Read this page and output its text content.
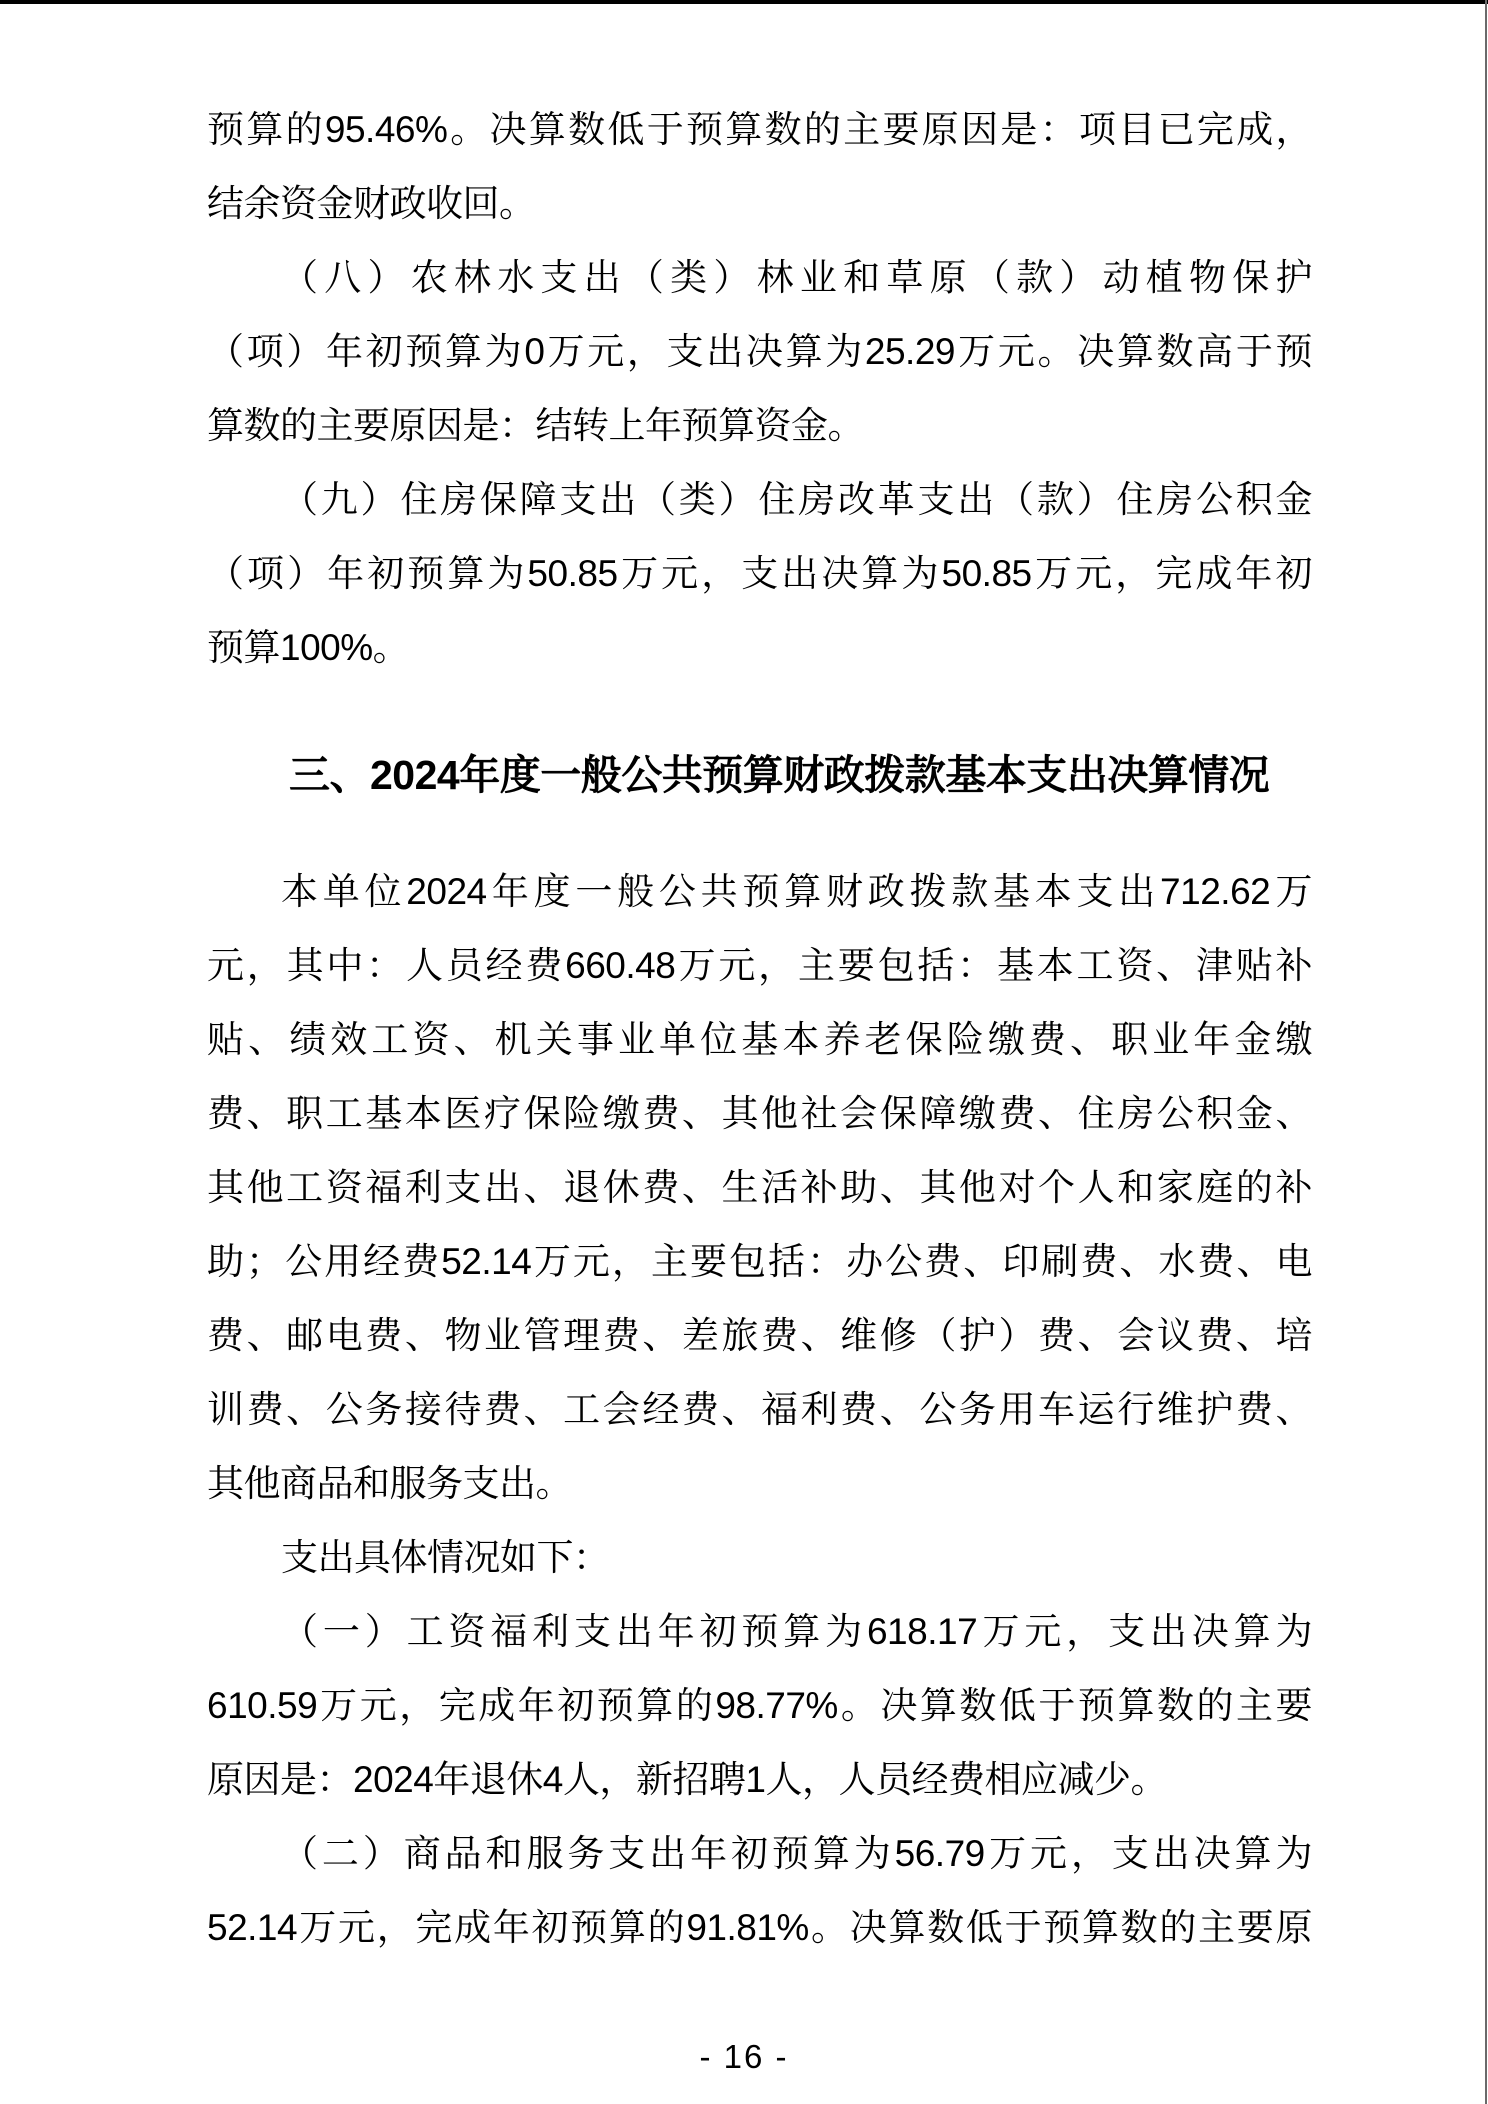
预算的95.46%。决算数低于预算数的主要原因是：项目已完成，
结余资金财政收回。
（八）农林水支出（类）林业和草原（款）动植物保护
（项）年初预算为0万元，支出决算为25.29万元。决算数高于预
算数的主要原因是：结转上年预算资金。
（九）住房保障支出（类）住房改革支出（款）住房公积金
（项）年初预算为50.85万元，支出决算为50.85万元，完成年初
预算100%。
三、2024年度一般公共预算财政拨款基本支出决算情况
本单位2024年度一般公共预算财政拨款基本支出712.62万
元，其中：人员经费660.48万元，主要包括：基本工资、津贴补
贴、绩效工资、机关事业单位基本养老保险缴费、职业年金缴
费、职工基本医疗保险缴费、其他社会保障缴费、住房公积金、
其他工资福利支出、退休费、生活补助、其他对个人和家庭的补
助；公用经费52.14万元，主要包括：办公费、印刷费、水费、电
费、邮电费、物业管理费、差旅费、维修（护）费、会议费、培
训费、公务接待费、工会经费、福利费、公务用车运行维护费、
其他商品和服务支出。
支出具体情况如下：
（一）工资福利支出年初预算为618.17万元，支出决算为
610.59万元，完成年初预算的98.77%。决算数低于预算数的主要
原因是：2024年退休4人，新招聘1人，人员经费相应减少。
（二）商品和服务支出年初预算为56.79万元，支出决算为
52.14万元，完成年初预算的91.81%。决算数低于预算数的主要原
- 16 -
